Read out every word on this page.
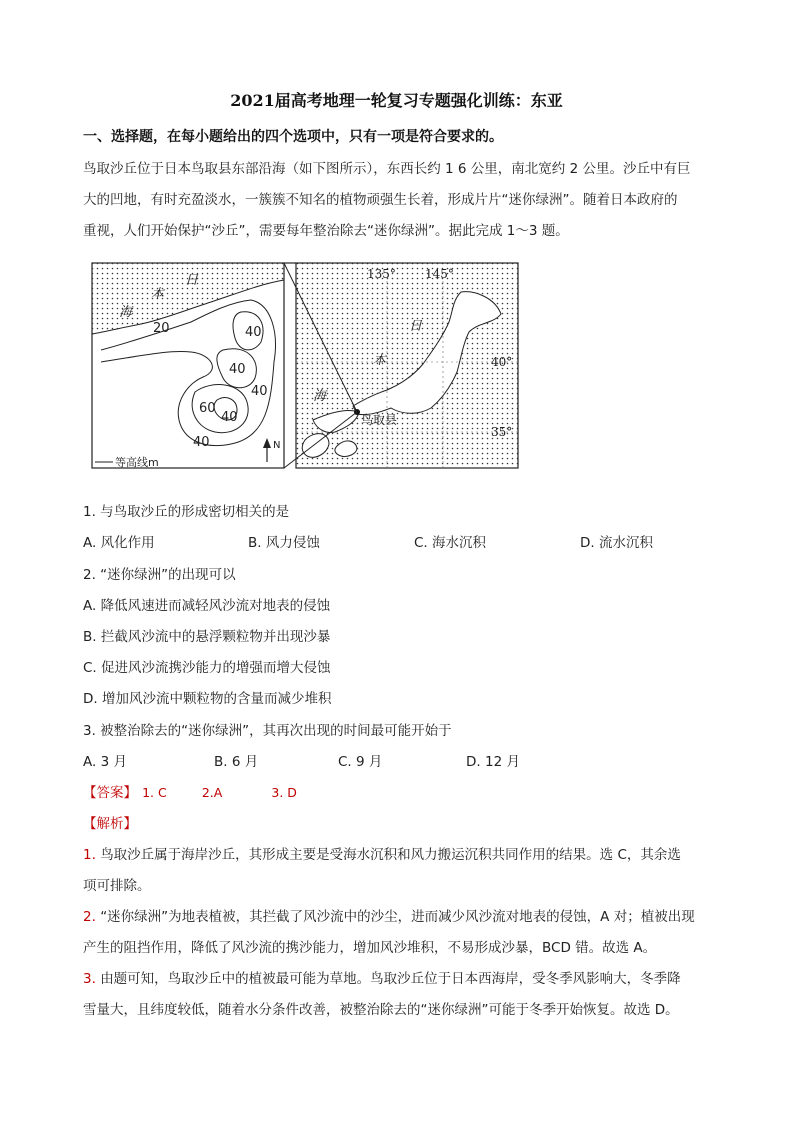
2021届高考地理一轮复习专题强化训练：东亚
一、选择题，在每小题给出的四个选项中，只有一项是符合要求的。
鸟取沙丘位于日本鸟取县东部沿海（如下图所示），东西长约 1 6 公里，南北宽约 2 公里。沙丘中有巨
大的凹地，有时充盈淡水，一簇簇不知名的植物顽强生长着，形成片片“迷你绿洲”。随着日本政府的
重视，人们开始保护“沙丘”，需要每年整治除去“迷你绿洲”。据此完成 1～3 题。
日
本
海
20	40
40
40
60
40
40	N
等高线m
135° 145°
40°
35°
日
本
海
鸟取县
1. 与鸟取沙丘的形成密切相关的是
A. 风化作用	B. 风力侵蚀	C. 海水沉积	D. 流水沉积
2. “迷你绿洲”的出现可以
A. 降低风速进而减轻风沙流对地表的侵蚀
B. 拦截风沙流中的悬浮颗粒物并出现沙暴
C. 促进风沙流携沙能力的增强而增大侵蚀
D. 增加风沙流中颗粒物的含量而减少堆积
3. 被整治除去的“迷你绿洲”，其再次出现的时间最可能开始于
A. 3 月	B. 6 月	C. 9 月	D. 12 月
【答案】 1. C	2.A	3. D
【解析】
1. 鸟取沙丘属于海岸沙丘，其形成主要是受海水沉积和风力搬运沉积共同作用的结果。选 C，其余选
项可排除。
2. “迷你绿洲”为地表植被，其拦截了风沙流中的沙尘，进而减少风沙流对地表的侵蚀，A 对；植被出现
产生的阻挡作用，降低了风沙流的携沙能力，增加风沙堆积，不易形成沙暴，BCD 错。故选 A。
3. 由题可知，鸟取沙丘中的植被最可能为草地。鸟取沙丘位于日本西海岸，受冬季风影响大，冬季降
雪量大，且纬度较低，随着水分条件改善，被整治除去的“迷你绿洲”可能于冬季开始恢复。故选 D。
